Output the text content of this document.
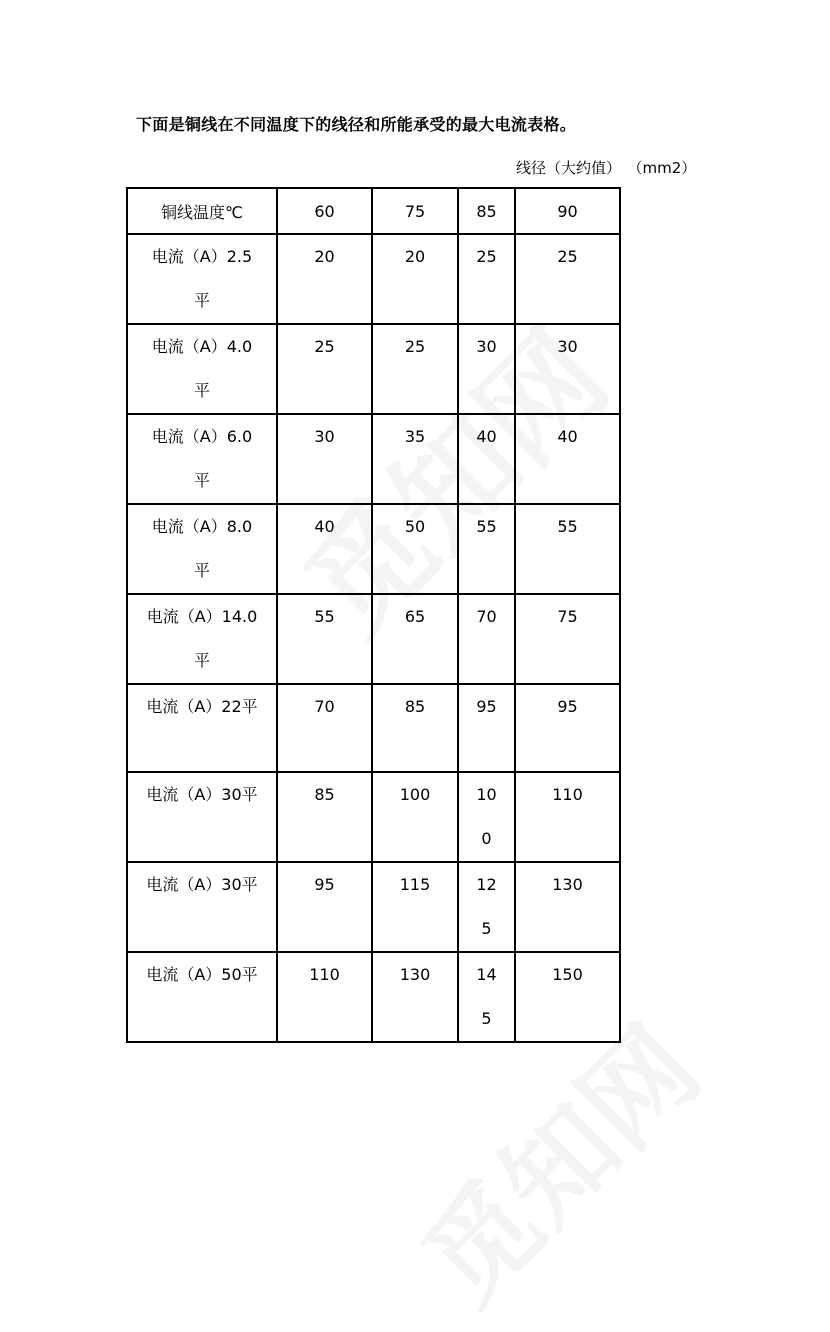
下面是铜线在不同温度下的线径和所能承受的最大电流表格。
线径（大约值） （mm2）
铜线温度℃	60	75	85	90
电流（A）2.5平	20	20	25	25
电流（A）4.0平	25	25	30	30
电流（A）6.0平	30	35	40	40
电流（A）8.0平	40	50	55	55
电流（A）14.0平	55	65	70	75
电流（A）22平	70	85	95	95
电流（A）30平	85	100	100	110
电流（A）30平	95	115	125	130
电流（A）50平	110	130	145	150
